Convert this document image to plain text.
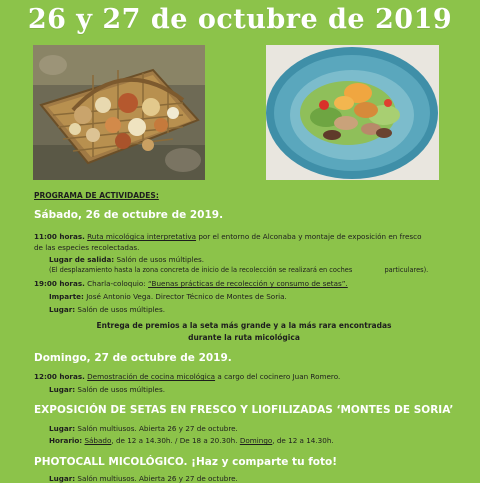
26 y 27 de octubre de 2019
PROGRAMA DE ACTIVIDADES:
Sábado, 26 de octubre de 2019.
11:00 horas. Ruta micológica interpretativa por el entorno de Alconaba y montaje de exposición en fresco
de las especies recolectadas.
Lugar de salida: Salón de usos múltiples.
(El desplazamiento hasta la zona concreta de inicio de la recolección se realizará en coches	particulares).
19:00 horas. Charla-coloquio: “Buenas prácticas de recolección y consumo de setas”.
Imparte: José Antonio Vega. Director Técnico de Montes de Soria.
Lugar: Salón de usos múltiples.
Entrega de premios a la seta más grande y a la más rara encontradas
durante la ruta micológica
Domingo, 27 de octubre de 2019.
12:00 horas. Demostración de cocina micológica a cargo del cocinero Juan Romero.
Lugar: Salón de usos múltiples.
EXPOSICIÓN DE SETAS EN FRESCO Y LIOFILIZADAS ‘MONTES DE SORIA’
Lugar: Salón multiusos. Abierta 26 y 27 de octubre.
Horario: Sábado, de 12 a 14.30h. / De 18 a 20.30h. Domingo, de 12 a 14.30h.
PHOTOCALL MICOLÓGICO. ¡Haz y comparte tu foto!
Lugar: Salón multiusos. Abierta 26 y 27 de octubre.
